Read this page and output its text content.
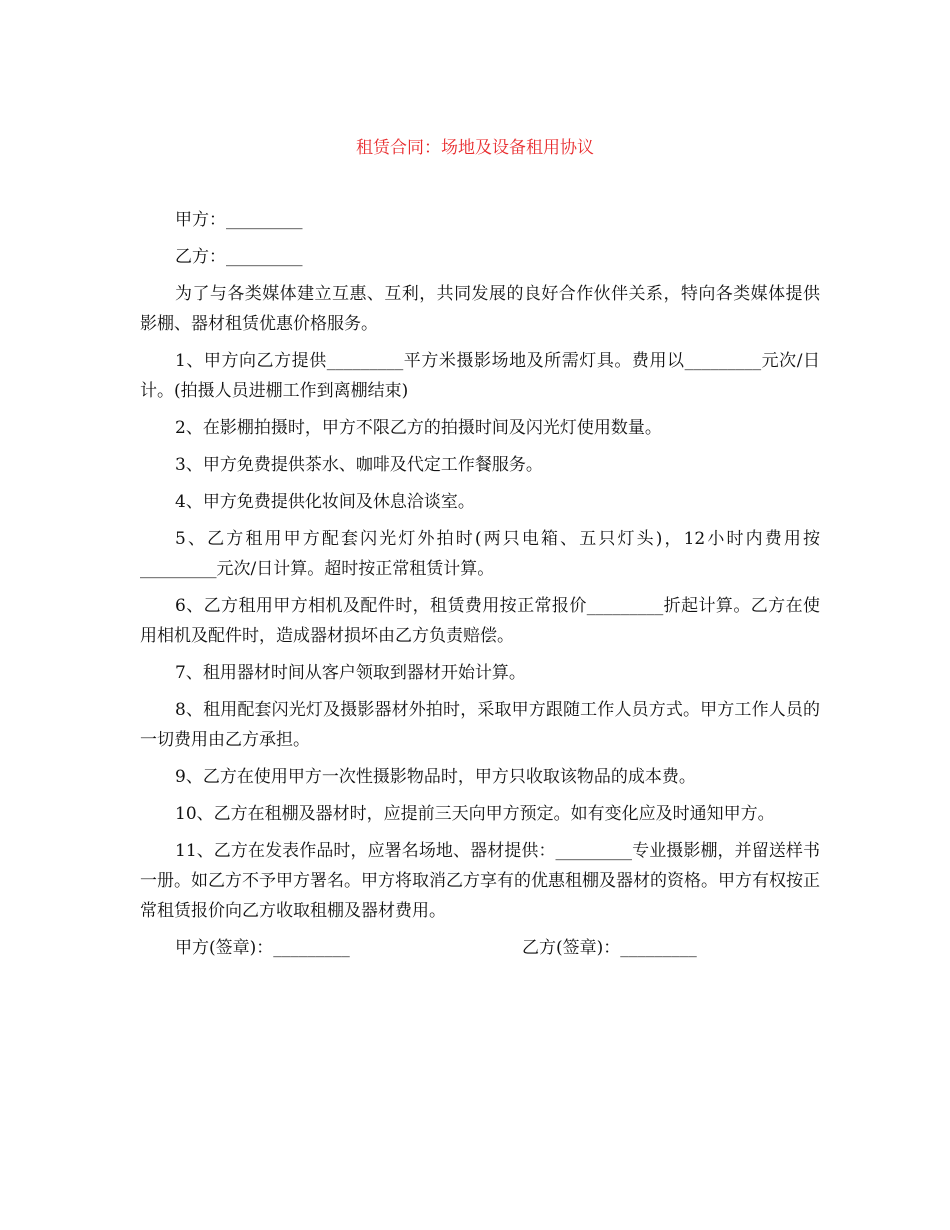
租赁合同：场地及设备租用协议
甲方：_________
乙方：_________
为了与各类媒体建立互惠、互利，共同发展的良好合作伙伴关系，特向各类媒体提供影棚、器材租赁优惠价格服务。
1、甲方向乙方提供_________平方米摄影场地及所需灯具。费用以_________元次/日计。(拍摄人员进棚工作到离棚结束)
2、在影棚拍摄时，甲方不限乙方的拍摄时间及闪光灯使用数量。
3、甲方免费提供茶水、咖啡及代定工作餐服务。
4、甲方免费提供化妆间及休息洽谈室。
5、乙方租用甲方配套闪光灯外拍时(两只电箱、五只灯头)，12小时内费用按_________元次/日计算。超时按正常租赁计算。
6、乙方租用甲方相机及配件时，租赁费用按正常报价_________折起计算。乙方在使用相机及配件时，造成器材损坏由乙方负责赔偿。
7、租用器材时间从客户领取到器材开始计算。
8、租用配套闪光灯及摄影器材外拍时，采取甲方跟随工作人员方式。甲方工作人员的一切费用由乙方承担。
9、乙方在使用甲方一次性摄影物品时，甲方只收取该物品的成本费。
10、乙方在租棚及器材时，应提前三天向甲方预定。如有变化应及时通知甲方。
11、乙方在发表作品时，应署名场地、器材提供：_________专业摄影棚，并留送样书一册。如乙方不予甲方署名。甲方将取消乙方享有的优惠租棚及器材的资格。甲方有权按正常租赁报价向乙方收取租棚及器材费用。
甲方(签章)：_________	乙方(签章)：_________
